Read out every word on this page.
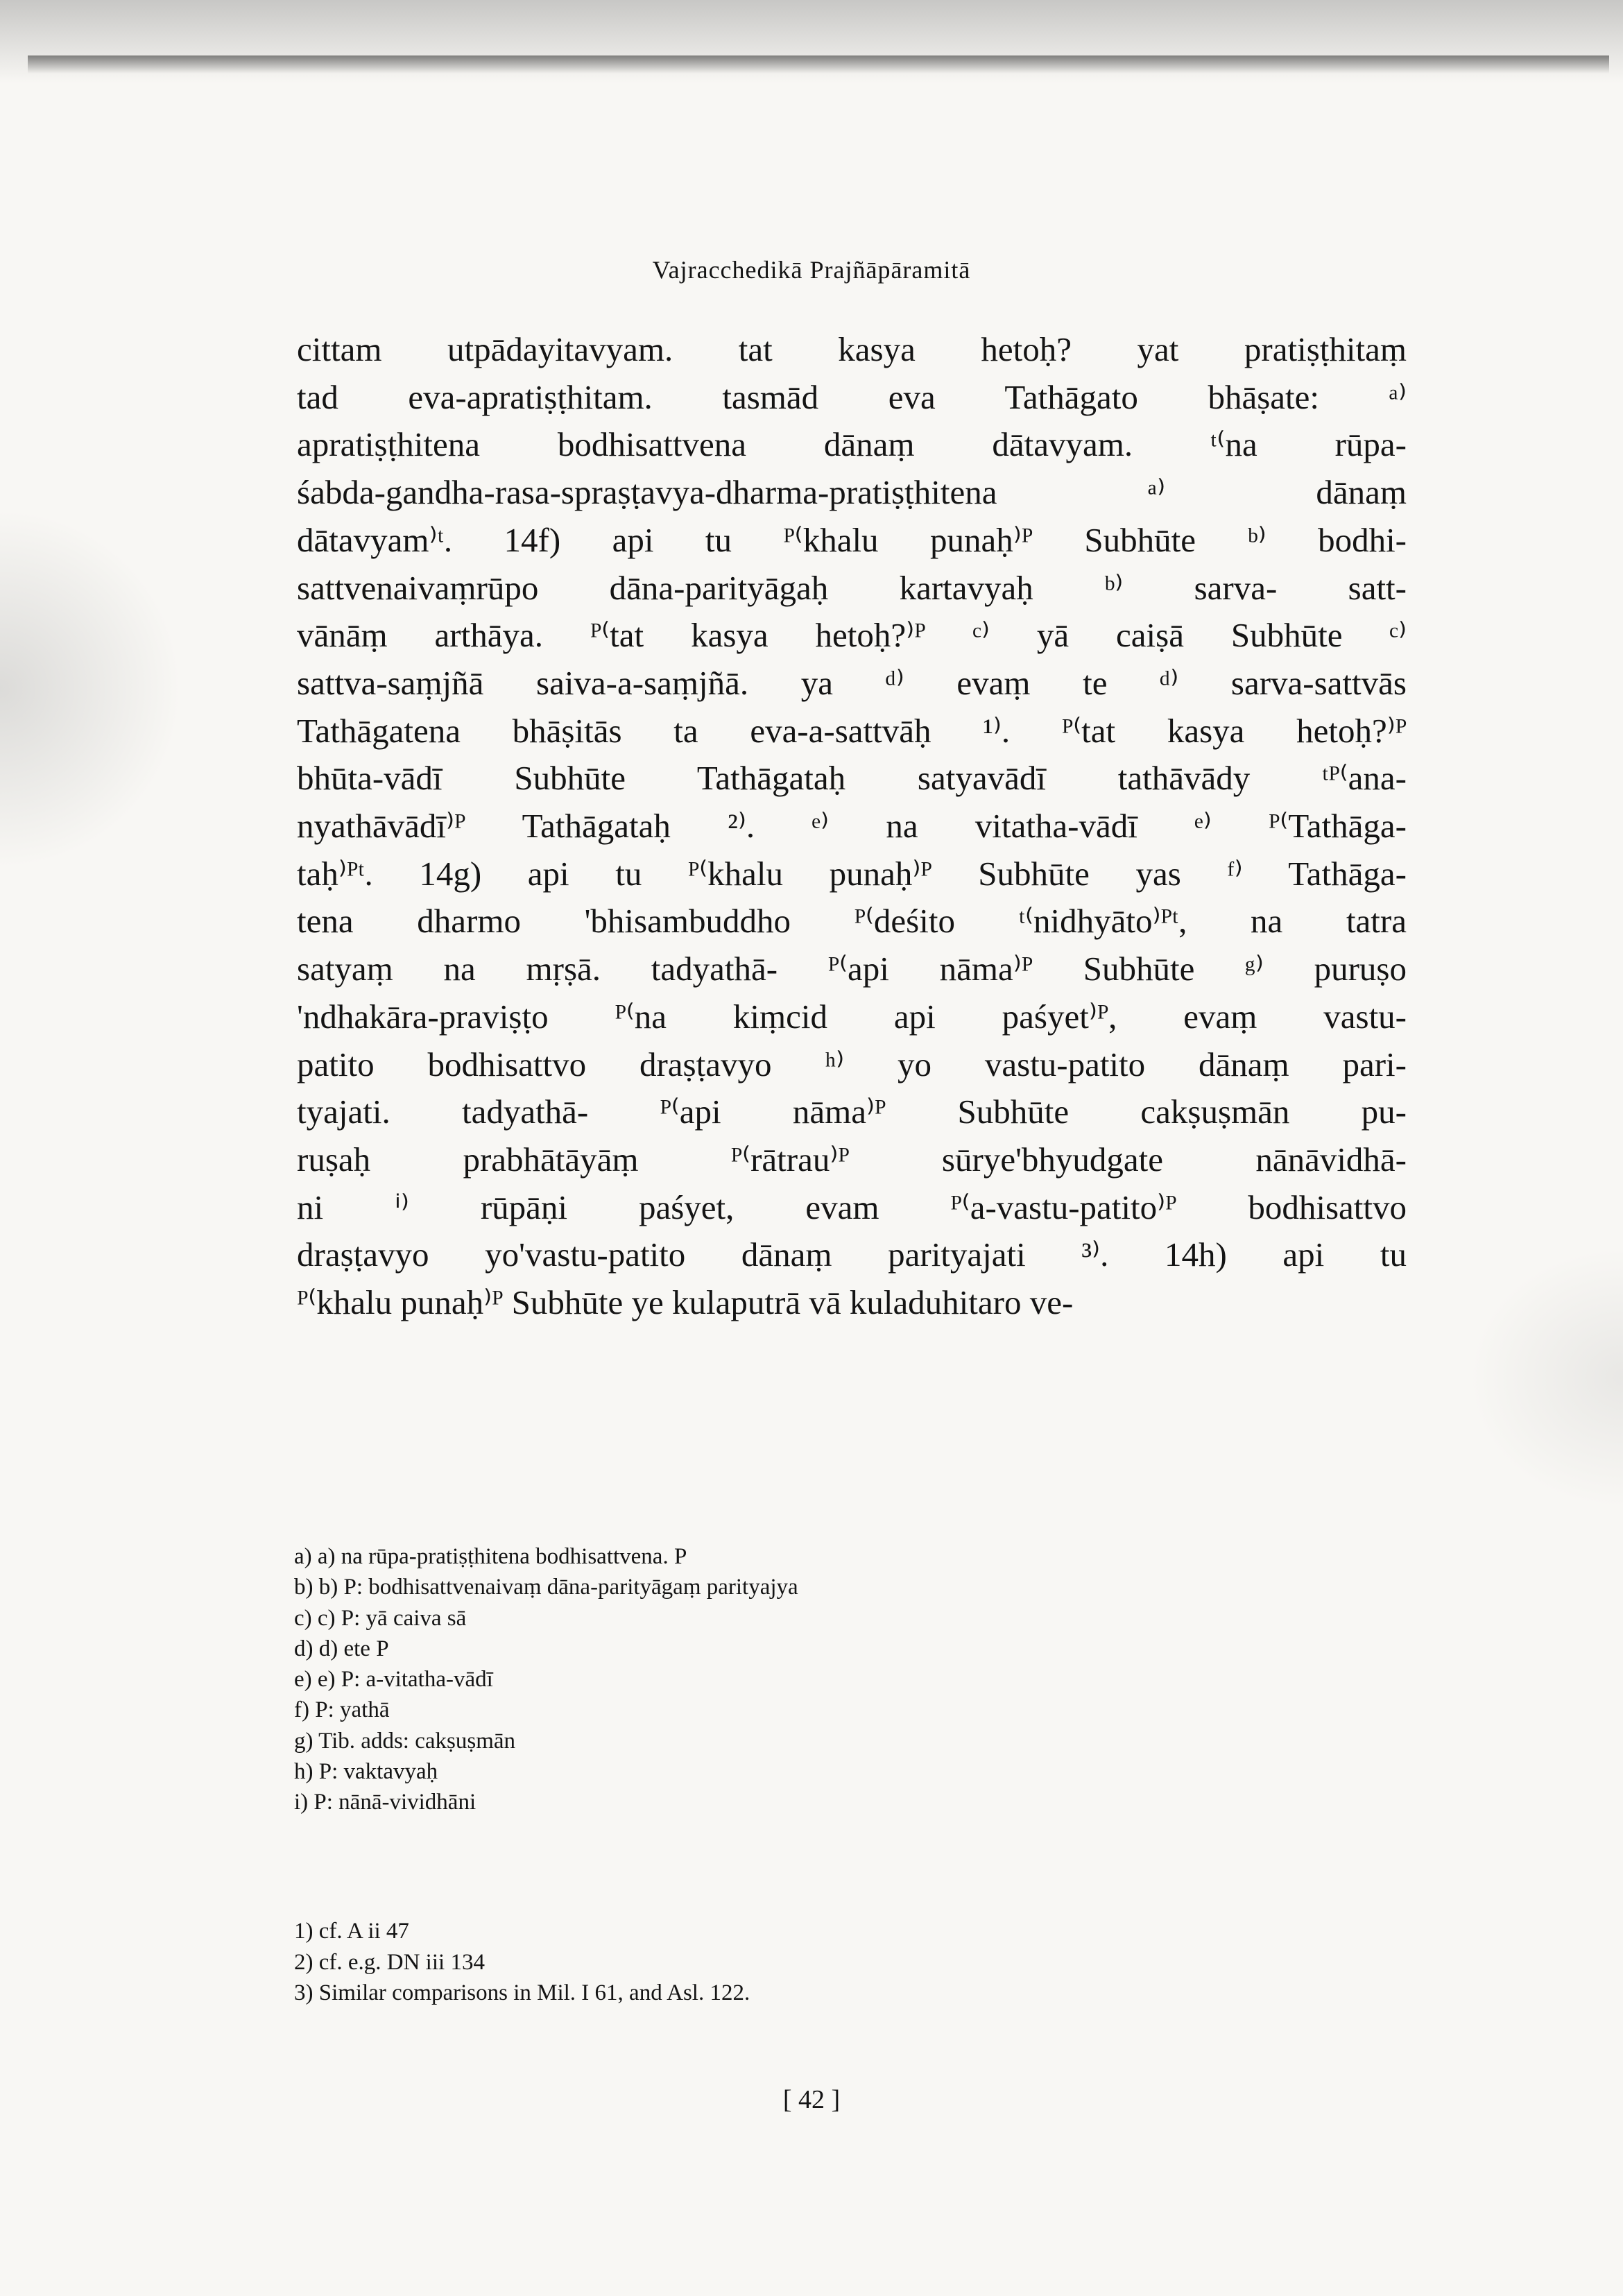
Vajracchedikā Prajñāpāramitā
cittam utpādayitavyam. tat kasya hetoḥ? yat pratiṣṭhitaṃ
tad eva-apratiṣṭhitam. tasmād eva Tathāgato bhāṣate: ᵃ⁾
apratiṣṭhitena bodhisattvena dānaṃ dātavyam. ᵗ⁽na rūpa-
śabda-gandha-rasa-spraṣṭavya-dharma-pratiṣṭhitena ᵃ⁾ dānaṃ
dātavyam⁾ᵗ. 14f) api tu ᴾ⁽khalu punaḥ⁾ᴾ Subhūte ᵇ⁾ bodhi-
sattvenaivaṃrūpo dāna-parityāgaḥ kartavyaḥ ᵇ⁾ sarva- satt-
vānāṃ arthāya. ᴾ⁽tat kasya hetoḥ?⁾ᴾ ᶜ⁾ yā caiṣā Subhūte ᶜ⁾
sattva-saṃjñā saiva-a-saṃjñā. ya ᵈ⁾ evaṃ te ᵈ⁾ sarva-sattvās
Tathāgatena bhāṣitās ta eva-a-sattvāḥ ¹⁾. ᴾ⁽tat kasya hetoḥ?⁾ᴾ
bhūta-vādī Subhūte Tathāgataḥ satyavādī tathāvādy ᵗᴾ⁽ana-
nyathāvādī⁾ᴾ Tathāgataḥ ²⁾. ᵉ⁾ na vitatha-vādī ᵉ⁾ ᴾ⁽Tathāga-
taḥ⁾ᴾᵗ. 14g) api tu ᴾ⁽khalu punaḥ⁾ᴾ Subhūte yas ᶠ⁾ Tathāga-
tena dharmo 'bhisambuddho ᴾ⁽deśito ᵗ⁽nidhyāto⁾ᴾᵗ, na tatra
satyaṃ na mṛṣā. tadyathā- ᴾ⁽api nāma⁾ᴾ Subhūte ᵍ⁾ puruṣo
'ndhakāra-praviṣṭo ᴾ⁽na kiṃcid api paśyet⁾ᴾ, evaṃ vastu-
patito bodhisattvo draṣṭavyo ʰ⁾ yo vastu-patito dānaṃ pari-
tyajati. tadyathā- ᴾ⁽api nāma⁾ᴾ Subhūte cakṣuṣmān pu-
ruṣaḥ prabhātāyāṃ ᴾ⁽rātrau⁾ᴾ sūrye'bhyudgate nānāvidhā-
ni ⁱ⁾ rūpāṇi paśyet, evam ᴾ⁽a-vastu-patito⁾ᴾ bodhisattvo
draṣṭavyo yo'vastu-patito dānaṃ parityajati ³⁾. 14h) api tu
ᴾ⁽khalu punaḥ⁾ᴾ Subhūte ye kulaputrā vā kuladuhitaro ve-
a) a) na rūpa-pratiṣṭhitena bodhisattvena. P
b) b) P: bodhisattvenaivaṃ dāna-parityāgaṃ parityajya
c) c) P: yā caiva sā
d) d) ete P
e) e) P: a-vitatha-vādī
f) P: yathā
g) Tib. adds: cakṣuṣmān
h) P: vaktavyaḥ
i) P: nānā-vividhāni
1) cf. A ii 47
2) cf. e.g. DN iii 134
3) Similar comparisons in Mil. I 61, and Asl. 122.
[ 42 ]
